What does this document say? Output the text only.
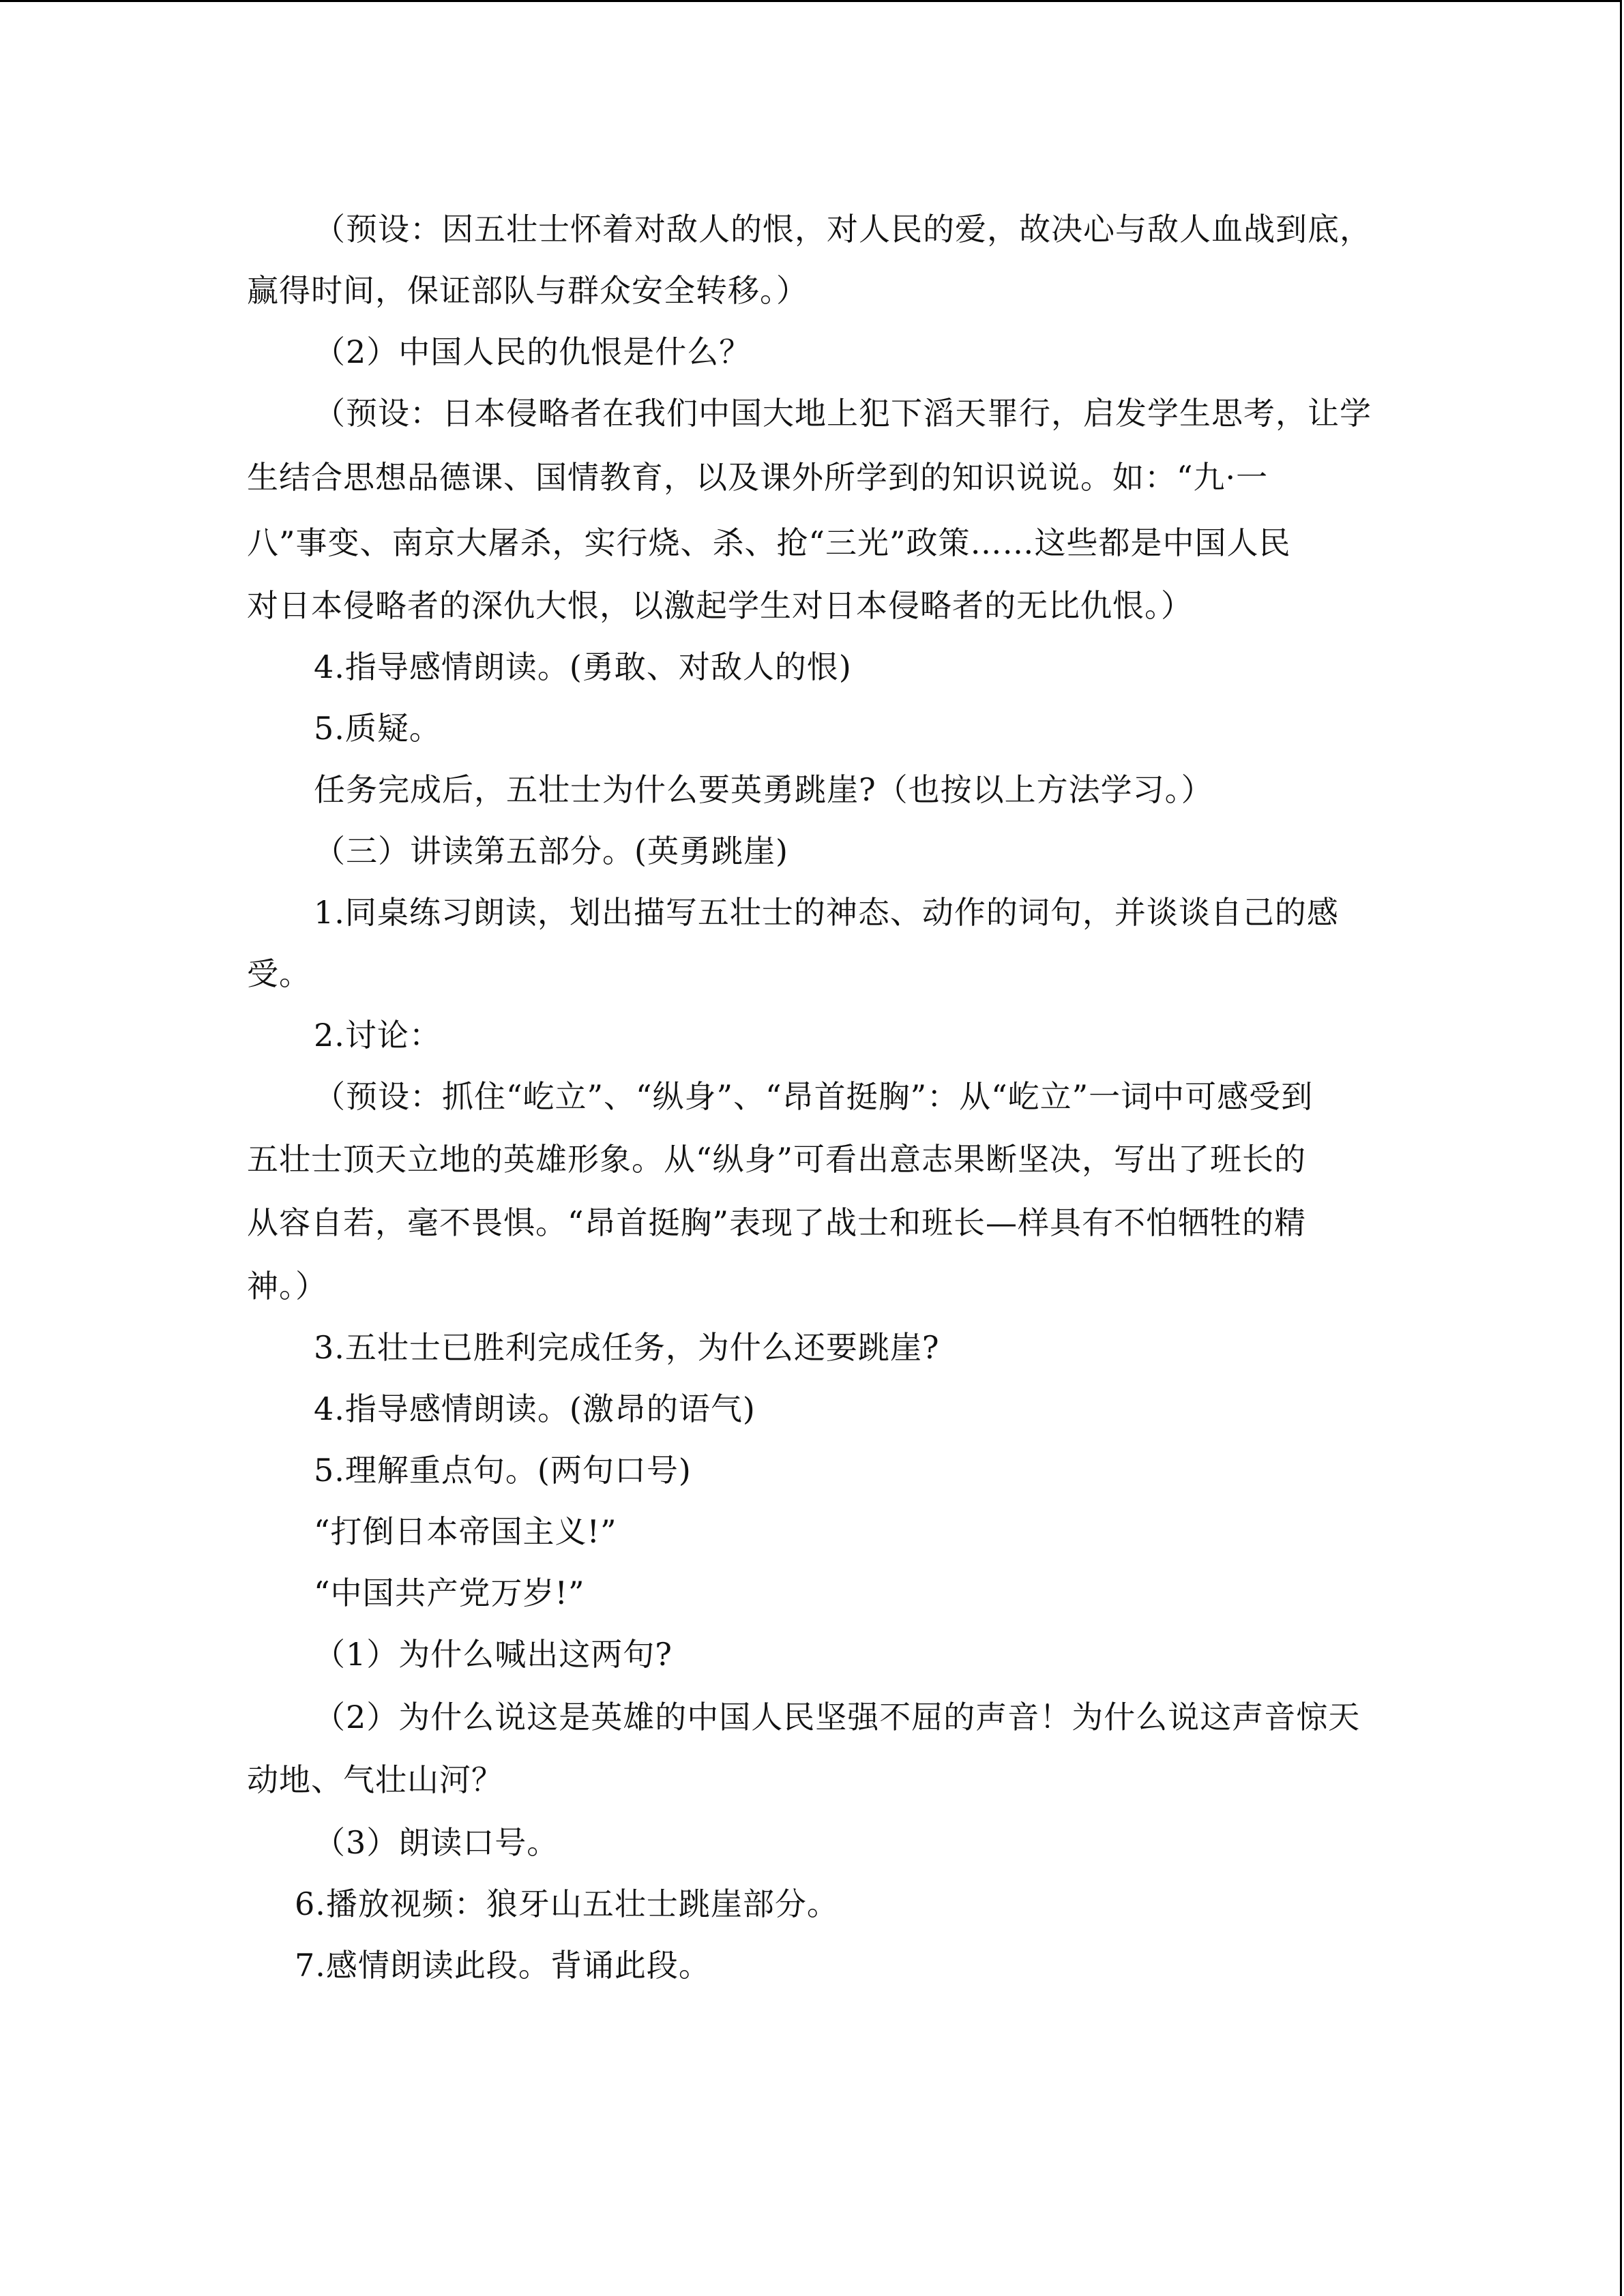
（预设：因五壮士怀着对敌人的恨，对人民的爱，故决心与敌人血战到底，
赢得时间，保证部队与群众安全转移。）
（2）中国人民的仇恨是什么？
（预设：日本侵略者在我们中国大地上犯下滔天罪行，启发学生思考，让学
生结合思想品德课、国情教育，以及课外所学到的知识说说。如：“九·一
八”事变、南京大屠杀，实行烧、杀、抢“三光”政策……这些都是中国人民
对日本侵略者的深仇大恨，以激起学生对日本侵略者的无比仇恨。）
4.指导感情朗读。(勇敢、对敌人的恨)
5.质疑。
任务完成后，五壮士为什么要英勇跳崖?（也按以上方法学习。）
（三）讲读第五部分。(英勇跳崖)
1.同桌练习朗读，划出描写五壮士的神态、动作的词句，并谈谈自己的感
受。
2.讨论：
（预设：抓住“屹立”、“纵身”、“昂首挺胸”：从“屹立”一词中可感受到
五壮士顶天立地的英雄形象。从“纵身”可看出意志果断坚决，写出了班长的
从容自若，毫不畏惧。“昂首挺胸”表现了战士和班长—样具有不怕牺牲的精
神。）
3.五壮士已胜利完成任务，为什么还要跳崖?
4.指导感情朗读。(激昂的语气)
5.理解重点句。(两句口号)
“打倒日本帝国主义!”
“中国共产党万岁!”
（1）为什么喊出这两句?
（2）为什么说这是英雄的中国人民坚强不屈的声音！为什么说这声音惊天
动地、气壮山河？
（3）朗读口号。
6.播放视频：狼牙山五壮士跳崖部分。
7.感情朗读此段。背诵此段。
